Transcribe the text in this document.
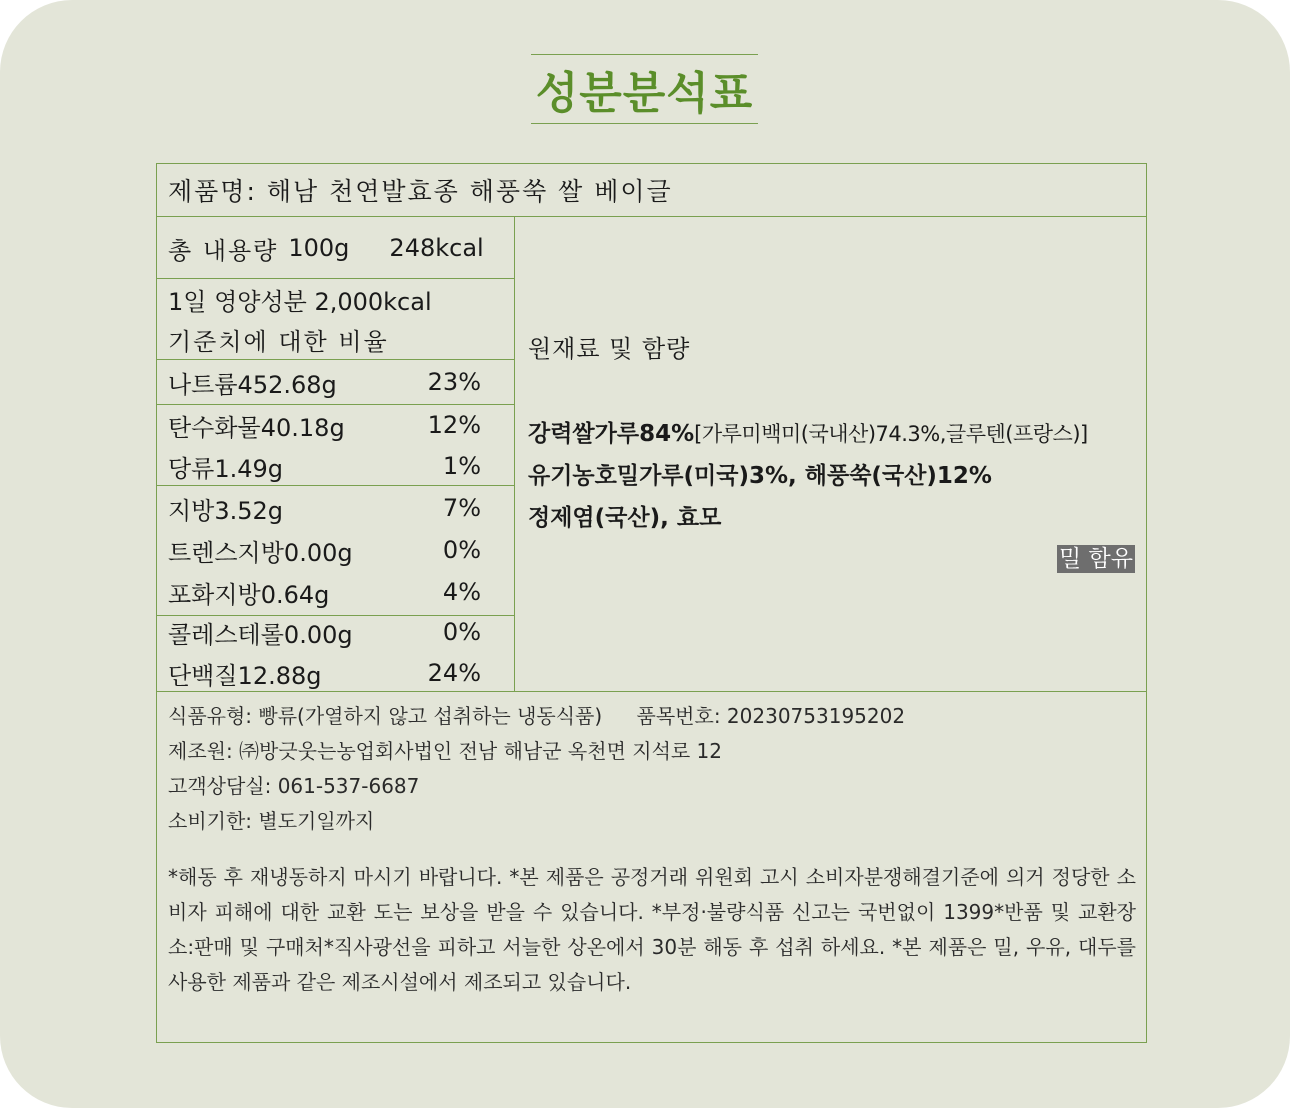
성분분석표
제품명: 해남 천연발효종 해풍쑥 쌀 베이글
총 내용량 100g 248kcal
1일 영양성분 2,000kcal
기준치에 대한 비율
나트륨452.68g	23%
탄수화물40.18g	12%
당류1.49g	1%
지방3.52g	7%
트렌스지방0.00g	0%
포화지방0.64g	4%
콜레스테롤0.00g	0%
단백질12.88g	24%
원재료 및 함량
강력쌀가루84%[가루미백미(국내산)74.3%,글루텐(프랑스)]
유기농호밀가루(미국)3%, 해풍쑥(국산)12%
정제염(국산), 효모
밀 함유
식품유형: 빵류(가열하지 않고 섭취하는 냉동식품) 품목번호: 20230753195202
제조원: ㈜방긋웃는농업회사법인 전남 해남군 옥천면 지석로 12
고객상담실: 061-537-6687
소비기한: 별도기일까지
*해동 후 재냉동하지 마시기 바랍니다. *본 제품은 공정거래 위원회 고시 소비자분쟁해결기준에 의거 정당한 소비자 피해에 대한 교환 도는 보상을 받을 수 있습니다. *부정·불량식품 신고는 국번없이 1399*반품 및 교환장소:판매 및 구매처*직사광선을 피하고 서늘한 상온에서 30분 해동 후 섭취 하세요. *본 제품은 밀, 우유, 대두를 사용한 제품과 같은 제조시설에서 제조되고 있습니다.
